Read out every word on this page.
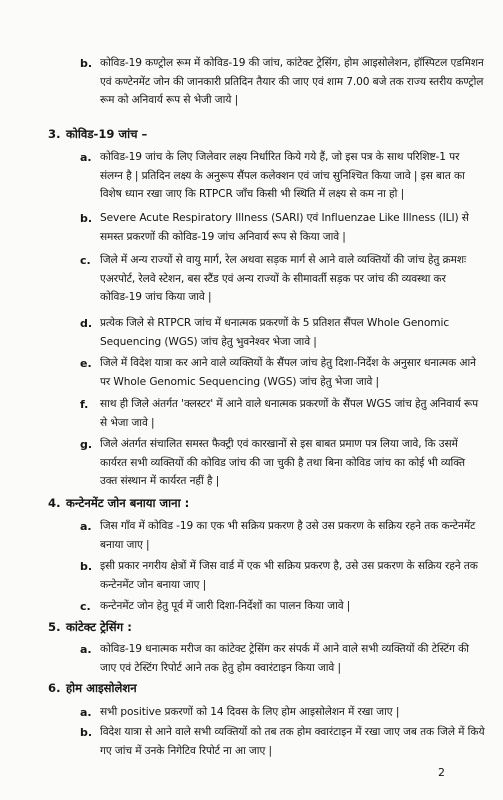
b. कोविड-19 कण्ट्रोल रूम में कोविड-19 की जांच, कांटेक्ट ट्रेसिंग, होम आइसोलेशन, हॉस्पिटल एडमिशन एवं कण्टेनमेंट जोन की जानकारी प्रतिदिन तैयार की जाए एवं शाम 7.00 बजे तक राज्य स्तरीय कण्ट्रोल रूम को अनिवार्य रूप से भेजी जाये |
3. कोविड-19 जांच –
a. कोविड-19 जांच के लिए जिलेवार लक्ष्य निर्धारित किये गये हैं, जो इस पत्र के साथ परिशिष्ट-1 पर संलग्न है | प्रतिदिन लक्ष्य के अनुरूप सैंपल कलेक्शन एवं जांच सुनिश्चित किया जावे | इस बात का विशेष ध्यान रखा जाए कि RTPCR जाँच किसी भी स्थिति में लक्ष्य से कम ना हो |
b. Severe Acute Respiratory Illness (SARI) एवं Influenzae Like Illness (ILI) से समस्त प्रकरणों की कोविड-19 जांच अनिवार्य रूप से किया जावे |
c. जिले में अन्य राज्यों से वायु मार्ग, रेल अथवा सड़क मार्ग से आने वाले व्यक्तियों की जांच हेतु क्रमशः एअरपोर्ट, रेलवे स्टेशन, बस स्टैंड एवं अन्य राज्यों के सीमावर्ती सड़क पर जांच की व्यवस्था कर कोविड-19 जांच किया जावे |
d. प्रत्येक जिले से RTPCR जांच में धनात्मक प्रकरणों के 5 प्रतिशत सैंपल Whole Genomic Sequencing (WGS) जांच हेतु भुवनेश्वर भेजा जावे |
e. जिले में विदेश यात्रा कर आने वाले व्यक्तियों के सैंपल जांच हेतु दिशा-निर्देश के अनुसार धनात्मक आने पर Whole Genomic Sequencing (WGS) जांच हेतु भेजा जावे |
f. साथ ही जिले अंतर्गत 'क्लस्टर' में आने वाले धनात्मक प्रकरणों के सैंपल WGS जांच हेतु अनिवार्य रूप से भेजा जावे |
g. जिले अंतर्गत संचालित समस्त फैक्ट्री एवं कारखानों से इस बाबत प्रमाण पत्र लिया जावे, कि उसमें कार्यरत सभी व्यक्तियों की कोविड जांच की जा चुकी है तथा बिना कोविड जांच का कोई भी व्यक्ति उक्त संस्थान में कार्यरत नहीं है |
4. कन्टेनमेंट जोन बनाया जाना :
a. जिस गाँव में कोविड -19 का एक भी सक्रिय प्रकरण है उसे उस प्रकरण के सक्रिय रहने तक कन्टेनमेंट बनाया जाए |
b. इसी प्रकार नगरीय क्षेत्रों में जिस वार्ड में एक भी सक्रिय प्रकरण है, उसे उस प्रकरण के सक्रिय रहने तक कन्टेनमेंट जोन बनाया जाए |
c. कन्टेनमेंट जोन हेतु पूर्व में जारी दिशा-निर्देशों का पालन किया जावे |
5. कांटेक्ट ट्रेसिंग :
a. कोविड-19 धनात्मक मरीज का कांटेक्ट ट्रेसिंग कर संपर्क में आने वाले सभी व्यक्तियों की टेस्टिंग की जाए एवं टेस्टिंग रिपोर्ट आने तक हेतु होम क्वारंटाइन किया जावे |
6. होम आइसोलेशन
a. सभी positive प्रकरणों को 14 दिवस के लिए होम आइसोलेशन में रखा जाए |
b. विदेश यात्रा से आने वाले सभी व्यक्तियों को तब तक होम क्वारंटाइन में रखा जाए जब तक जिले में किये गए जांच में उनके निगेटिव रिपोर्ट ना आ जाए |
2
